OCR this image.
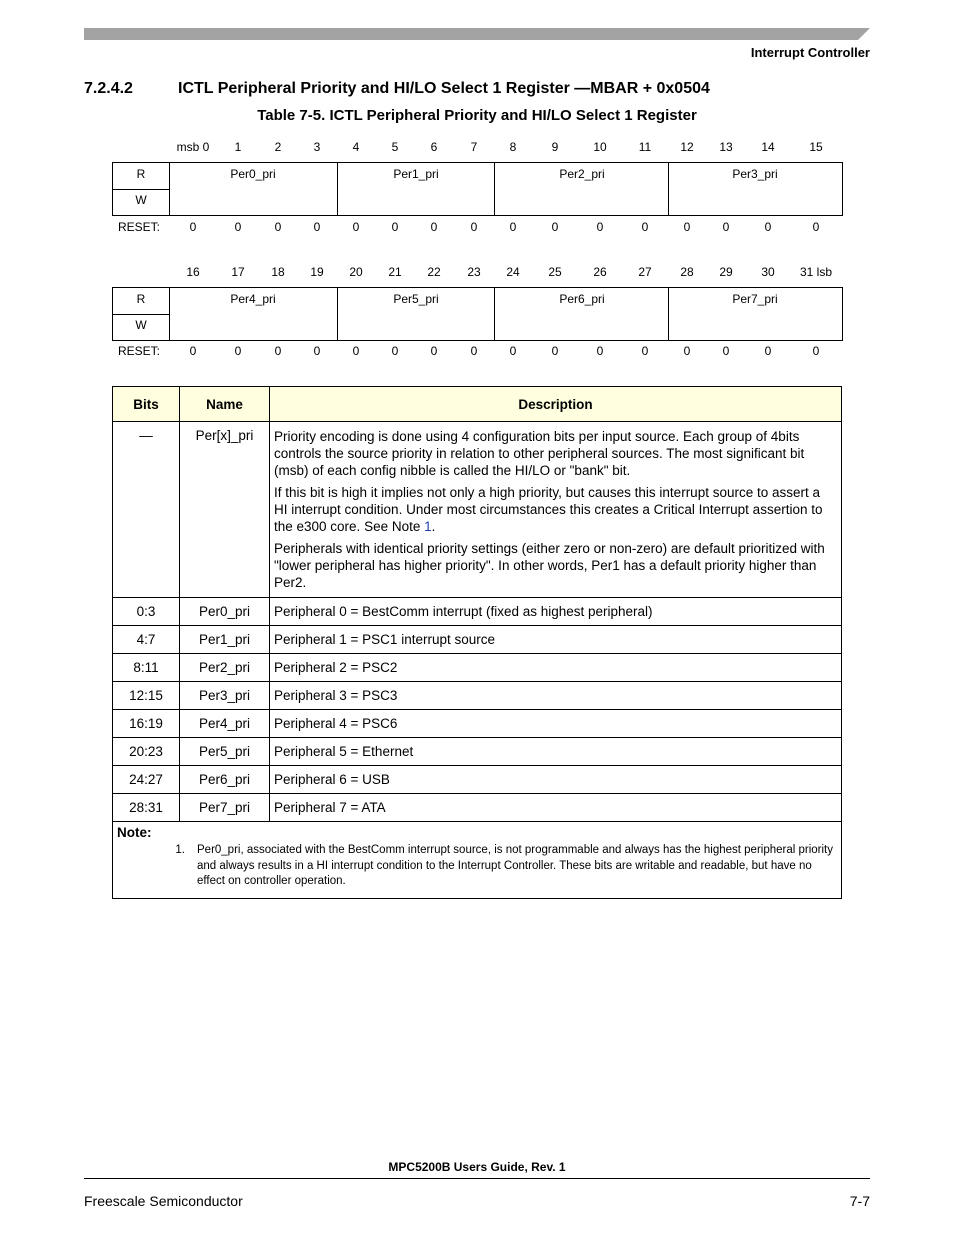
Interrupt Controller
7.2.4.2	ICTL Peripheral Priority and HI/LO Select 1 Register —MBAR + 0x0504
Table 7-5. ICTL Peripheral Priority and HI/LO Select 1 Register
msb 0 1	2	3	4	5	6	7	8	9	10	11 12 13 14	15
R
W
Per0_pri	Per1_pri	Per2_pri	Per3_pri
RESET: 0	0	0	0	0	0	0	0	0	0	0	0	0	0	0	0
16	17 18 19 20 21 22 23 24 25	26	27 28 29 30 31 lsb
R
W
Per4_pri	Per5_pri	Per6_pri	Per7_pri
RESET: 0	0	0	0	0	0	0	0	0	0	0	0	0	0	0	0
Bits	Name	Description
—	Per[x]_pri	Priority encoding is done using 4 configuration bits per input source. Each group of 4bits controls the source priority in relation to other peripheral sources. The most significant bit (msb) of each config nibble is called the HI/LO or "bank" bit.
If this bit is high it implies not only a high priority, but causes this interrupt source to assert a HI interrupt condition. Under most circumstances this creates a Critical Interrupt assertion to the e300 core. See Note 1.
Peripherals with identical priority settings (either zero or non-zero) are default prioritized with "lower peripheral has higher priority". In other words, Per1 has a default priority higher than Per2.

0:3	Per0_pri	Peripheral 0 = BestComm interrupt (fixed as highest peripheral)
4:7	Per1_pri	Peripheral 1 = PSC1 interrupt source
8:11	Per2_pri	Peripheral 2 = PSC2
12:15	Per3_pri	Peripheral 3 = PSC3
16:19	Per4_pri	Peripheral 4 = PSC6
20:23	Per5_pri	Peripheral 5 = Ethernet
24:27	Per6_pri	Peripheral 6 = USB
28:31	Per7_pri	Peripheral 7 = ATA

Note:
1. Per0_pri, associated with the BestComm interrupt source, is not programmable and always has the highest peripheral priority and always results in a HI interrupt condition to the Interrupt Controller. These bits are writable and readable, but have no effect on controller operation.		
MPC5200B Users Guide, Rev. 1
Freescale Semiconductor	7-7
